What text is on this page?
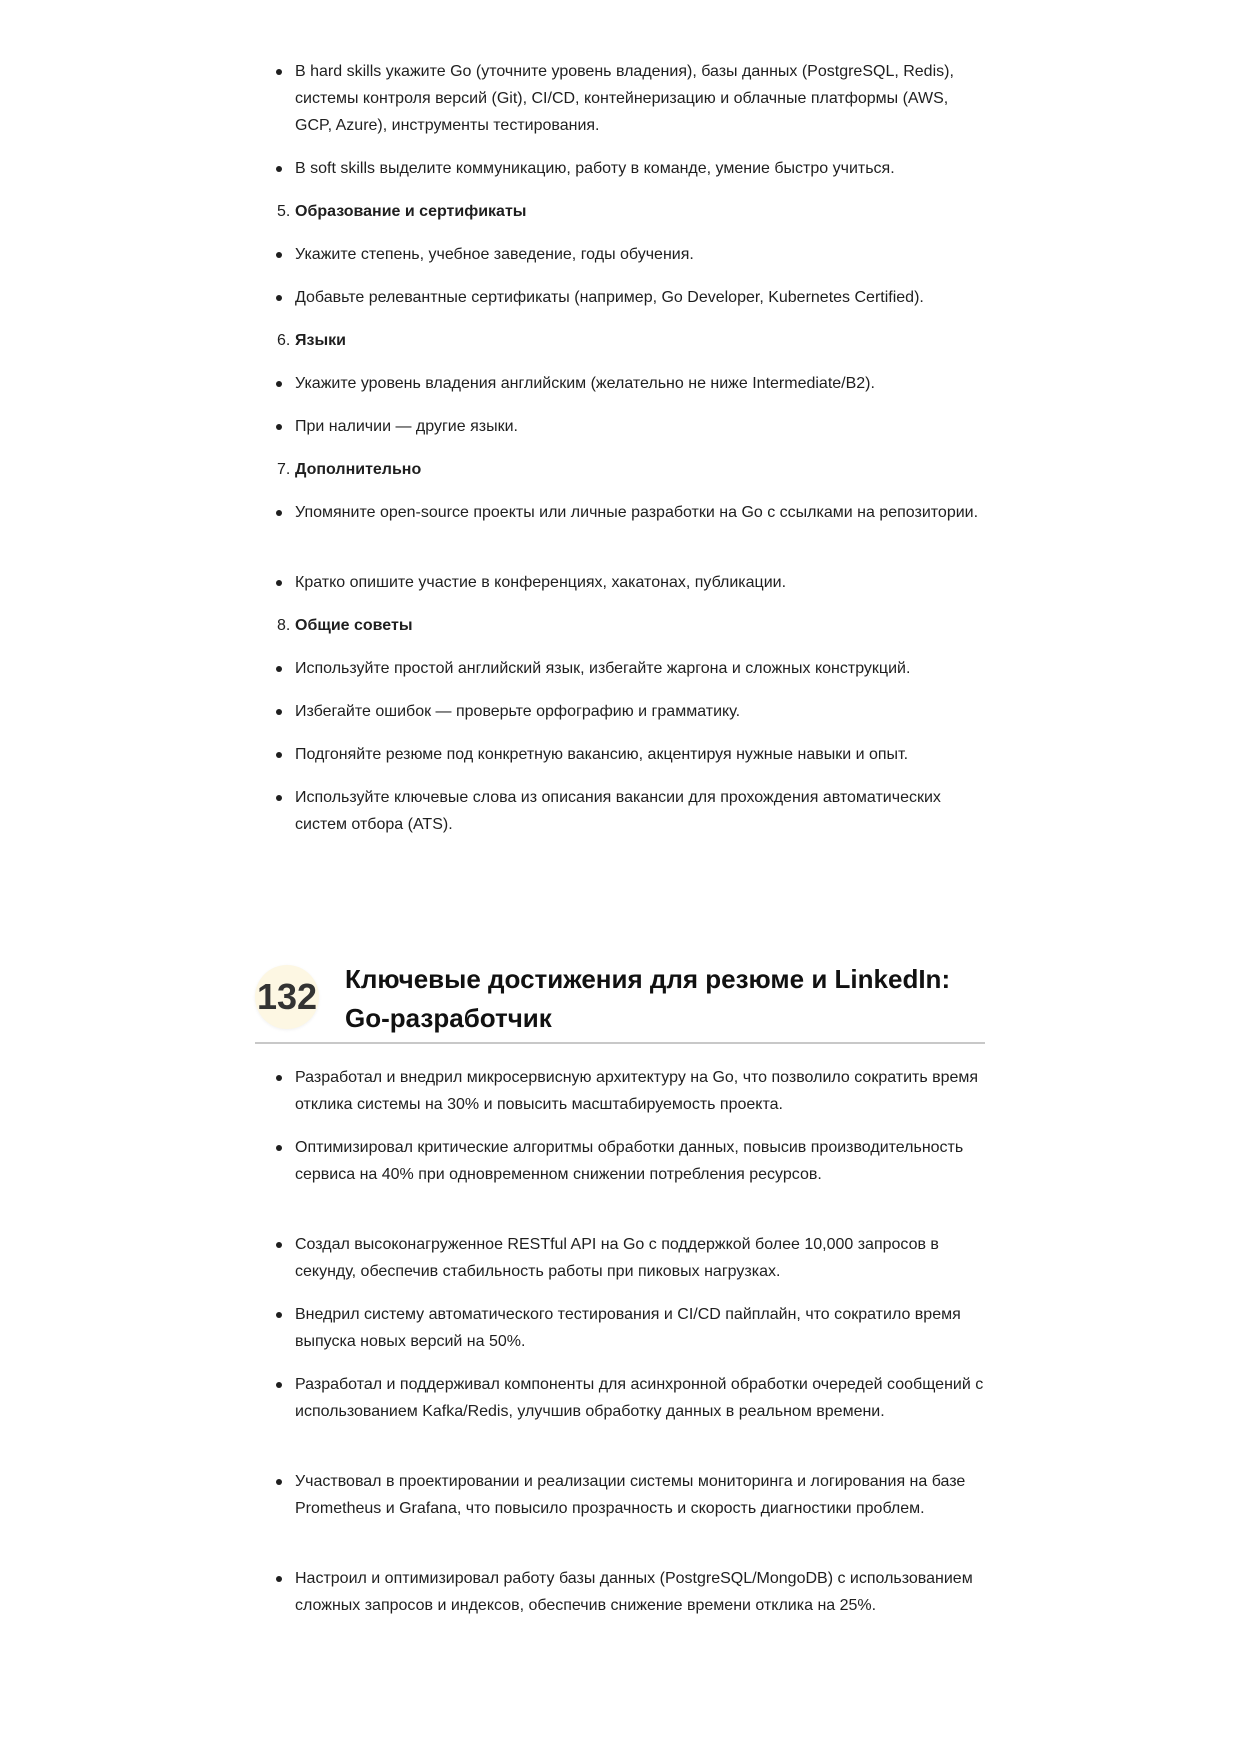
В hard skills укажите Go (уточните уровень владения), базы данных (PostgreSQL, Redis), системы контроля версий (Git), CI/CD, контейнеризацию и облачные платформы (AWS, GCP, Azure), инструменты тестирования.
В soft skills выделите коммуникацию, работу в команде, умение быстро учиться.
5. Образование и сертификаты
Укажите степень, учебное заведение, годы обучения.
Добавьте релевантные сертификаты (например, Go Developer, Kubernetes Certified).
6. Языки
Укажите уровень владения английским (желательно не ниже Intermediate/B2).
При наличии — другие языки.
7. Дополнительно
Упомяните open-source проекты или личные разработки на Go с ссылками на репозитории.
Кратко опишите участие в конференциях, хакатонах, публикации.
8. Общие советы
Используйте простой английский язык, избегайте жаргона и сложных конструкций.
Избегайте ошибок — проверьте орфографию и грамматику.
Подгоняйте резюме под конкретную вакансию, акцентируя нужные навыки и опыт.
Используйте ключевые слова из описания вакансии для прохождения автоматических систем отбора (ATS).
132 Ключевые достижения для резюме и LinkedIn: Go-разработчик
Разработал и внедрил микросервисную архитектуру на Go, что позволило сократить время отклика системы на 30% и повысить масштабируемость проекта.
Оптимизировал критические алгоритмы обработки данных, повысив производительность сервиса на 40% при одновременном снижении потребления ресурсов.
Создал высоконагруженное RESTful API на Go с поддержкой более 10,000 запросов в секунду, обеспечив стабильность работы при пиковых нагрузках.
Внедрил систему автоматического тестирования и CI/CD пайплайн, что сократило время выпуска новых версий на 50%.
Разработал и поддерживал компоненты для асинхронной обработки очередей сообщений с использованием Kafka/Redis, улучшив обработку данных в реальном времени.
Участвовал в проектировании и реализации системы мониторинга и логирования на базе Prometheus и Grafana, что повысило прозрачность и скорость диагностики проблем.
Настроил и оптимизировал работу базы данных (PostgreSQL/MongoDB) с использованием сложных запросов и индексов, обеспечив снижение времени отклика на 25%.
